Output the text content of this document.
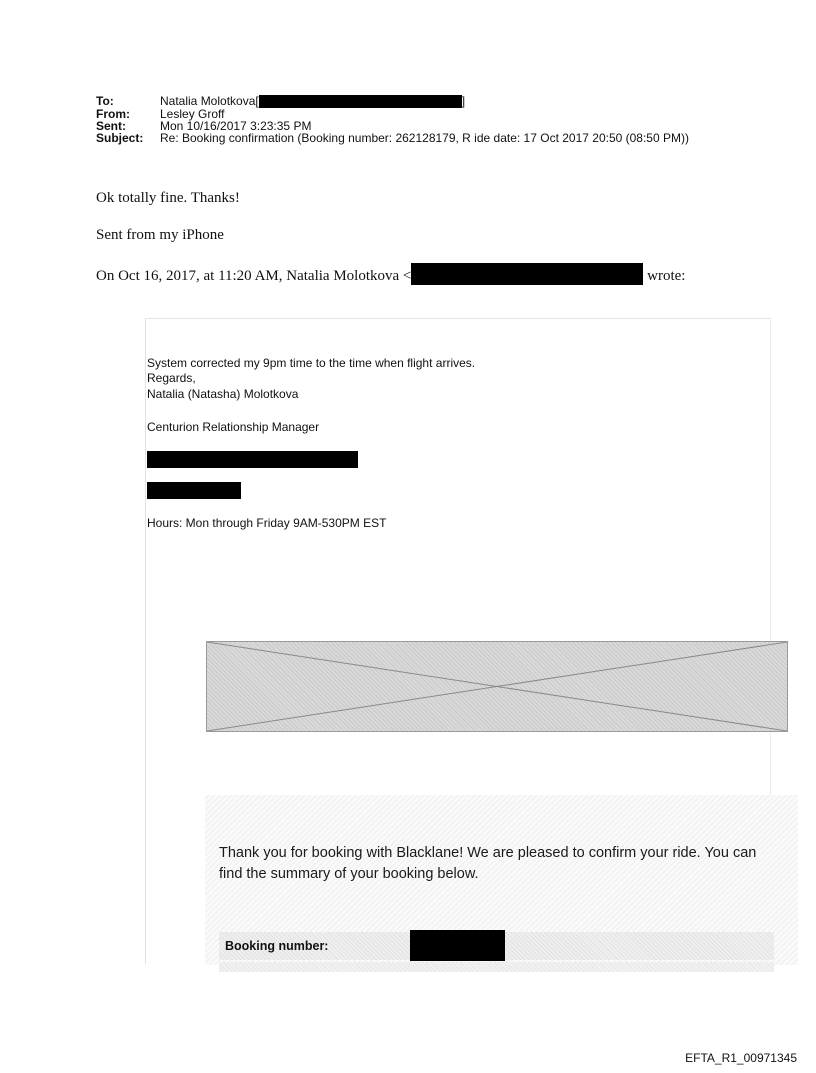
To:	Natalia Molotkova[	]
From:	Lesley Groff
Sent:	Mon 10/16/2017 3:23:35 PM
Subject: Re: Booking confirmation (Booking number: 262128179, R ide date: 17 Oct 2017 20:50 (08:50 PM))
Ok totally fine. Thanks!
Sent from my iPhone
On Oct 16, 2017, at 11:20 AM, Natalia Molotkova <	wrote:
System corrected my 9pm time to the time when flight arrives.
Regards,
Natalia (Natasha) Molotkova
Centurion Relationship Manager
Hours: Mon through Friday 9AM-530PM EST
Thank you for booking with Blacklane! We are pleased to confirm your ride. You can find the summary of your booking below.
Booking number:
EFTA_R1_00971345
